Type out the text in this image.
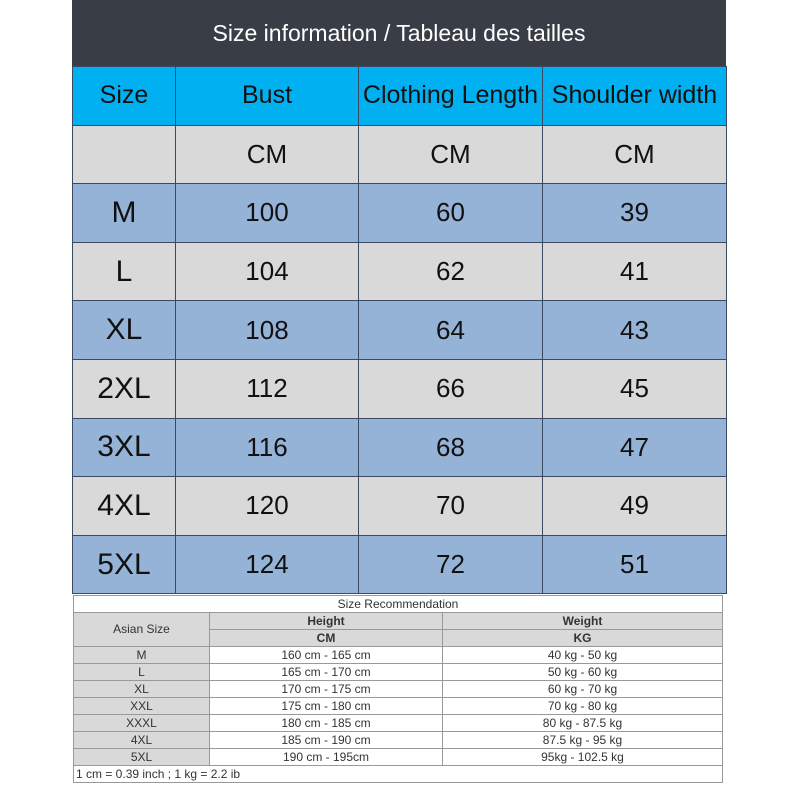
Size information / Tableau des tailles
Size	Bust	Clothing Length	Shoulder width
	CM	CM	CM
M	100	60	39
L	104	62	41
XL	108	64	43
2XL	112	66	45
3XL	116	68	47
4XL	120	70	49
5XL	124	72	51
Size Recommendation		
Asian Size	Height	Weight
	CM	KG
M	160 cm - 165 cm	40 kg - 50 kg
L	165 cm - 170 cm	50 kg - 60 kg
XL	170 cm - 175 cm	60 kg - 70 kg
XXL	175 cm - 180 cm	70 kg - 80 kg
XXXL	180 cm - 185 cm	80 kg - 87.5 kg
4XL	185 cm - 190 cm	87.5 kg - 95 kg
5XL	190 cm - 195cm	95kg - 102.5 kg
1 cm = 0.39 inch ; 1 kg = 2.2 ib		
